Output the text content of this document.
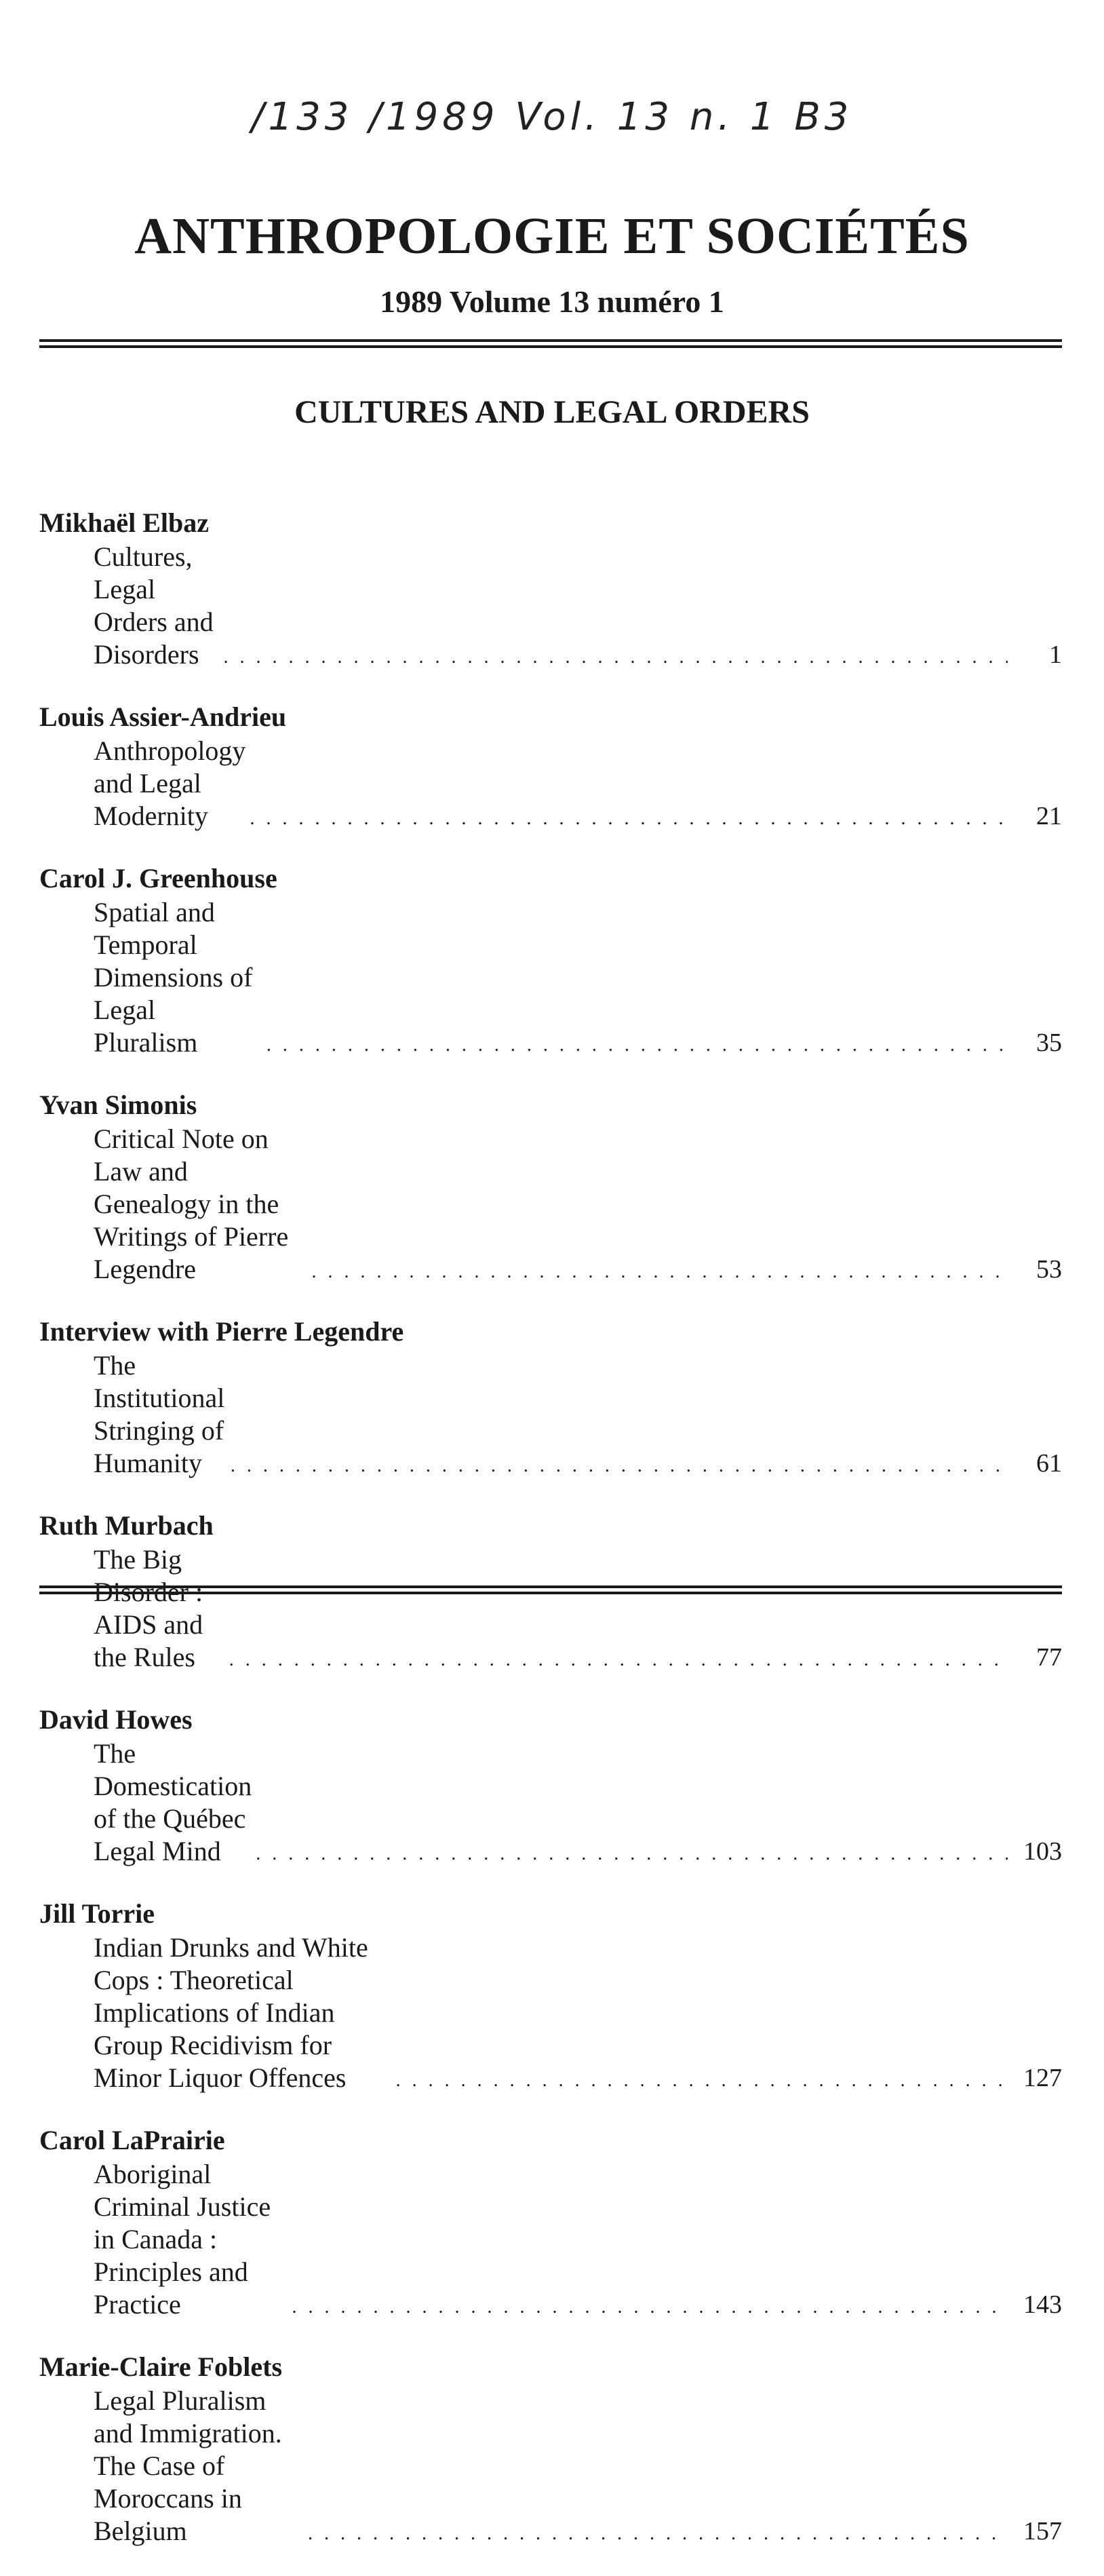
∕133 ∕1989 Vol. 13 n. 1 B3
ANTHROPOLOGIE ET SOCIÉTÉS
1989 Volume 13 numéro 1
CULTURES AND LEGAL ORDERS
Mikhaël Elbaz
Cultures, Legal Orders and Disorders . . .	1
Louis Assier-Andrieu
Anthropology and Legal Modernity . . .	21
Carol J. Greenhouse
Spatial and Temporal Dimensions of Legal Pluralism . . .	35
Yvan Simonis
Critical Note on Law and Genealogy in the Writings of Pierre Legendre . . .	53
Interview with Pierre Legendre
The Institutional Stringing of Humanity . . .	61
Ruth Murbach
The Big Disorder : AIDS and the Rules . . .	77
David Howes
The Domestication of the Québec Legal Mind . . .	103
Jill Torrie
Indian Drunks and White Cops : Theoretical Implications of Indian Group Recidivism for Minor Liquor Offences . . .	127
Carol LaPrairie
Aboriginal Criminal Justice in Canada : Principles and Practice . . .	143
Marie-Claire Foblets
Legal Pluralism and Immigration. The Case of Moroccans in Belgium . . .	157
